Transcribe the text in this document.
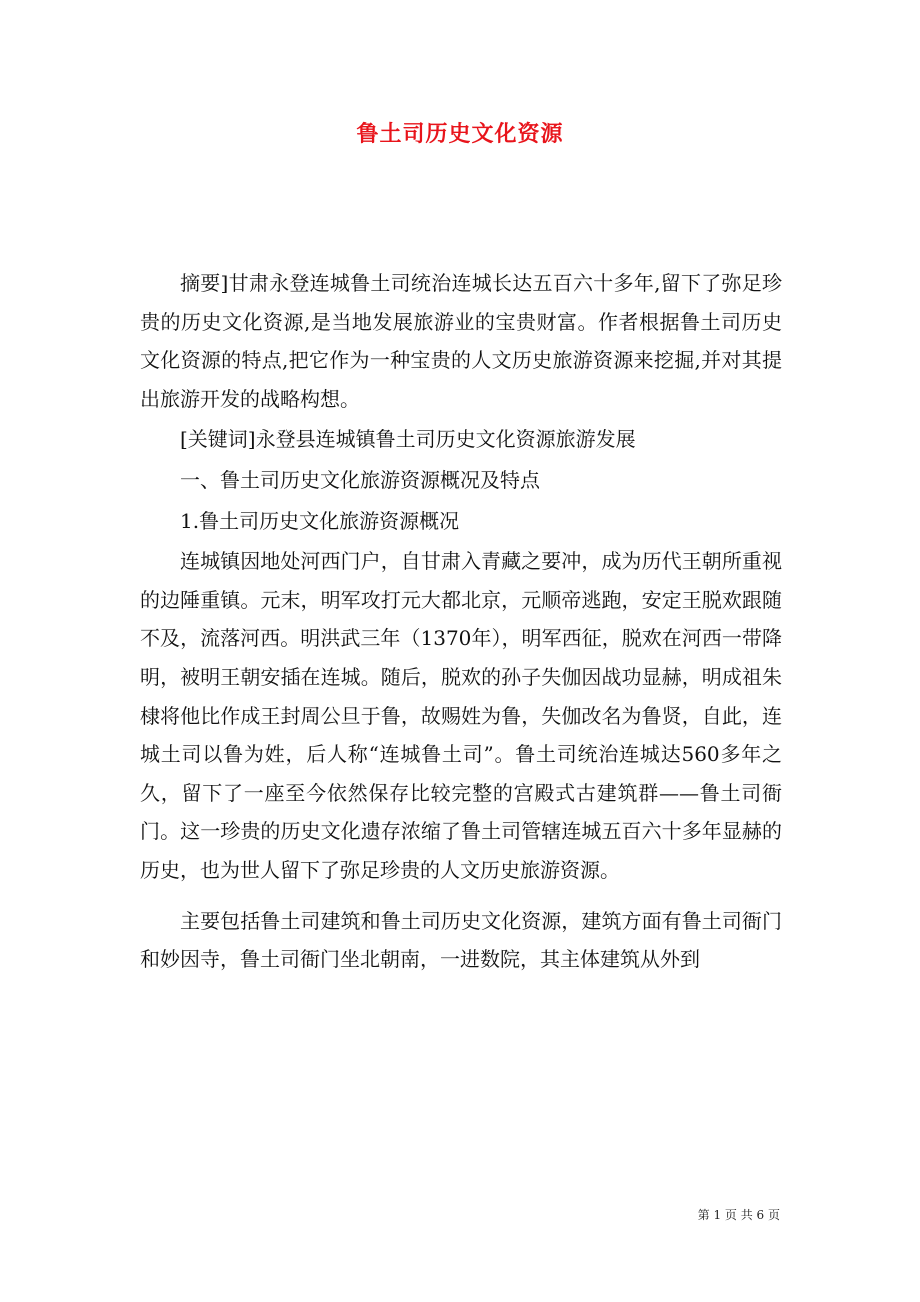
鲁土司历史文化资源

摘要]甘肃永登连城鲁土司统治连城长达五百六十多年,留下了弥足珍贵的历史文化资源,是当地发展旅游业的宝贵财富。作者根据鲁土司历史文化资源的特点,把它作为一种宝贵的人文历史旅游资源来挖掘,并对其提出旅游开发的战略构想。

[关键词]永登县连城镇鲁土司历史文化资源旅游发展

一、鲁土司历史文化旅游资源概况及特点

1.鲁土司历史文化旅游资源概况

连城镇因地处河西门户，自甘肃入青藏之要冲，成为历代王朝所重视的边陲重镇。元末，明军攻打元大都北京，元顺帝逃跑，安定王脱欢跟随不及，流落河西。明洪武三年（1370年），明军西征，脱欢在河西一带降明，被明王朝安插在连城。随后，脱欢的孙子失伽因战功显赫，明成祖朱棣将他比作成王封周公旦于鲁，故赐姓为鲁，失伽改名为鲁贤，自此，连城土司以鲁为姓，后人称“连城鲁土司”。鲁土司统治连城达560多年之久，留下了一座至今依然保存比较完整的宫殿式古建筑群——鲁土司衙门。这一珍贵的历史文化遗存浓缩了鲁土司管辖连城五百六十多年显赫的历史，也为世人留下了弥足珍贵的人文历史旅游资源。

主要包括鲁土司建筑和鲁土司历史文化资源，建筑方面有鲁土司衙门和妙因寺，鲁土司衙门坐北朝南，一进数院，其主体建筑从外到

第 1 页 共 6 页
